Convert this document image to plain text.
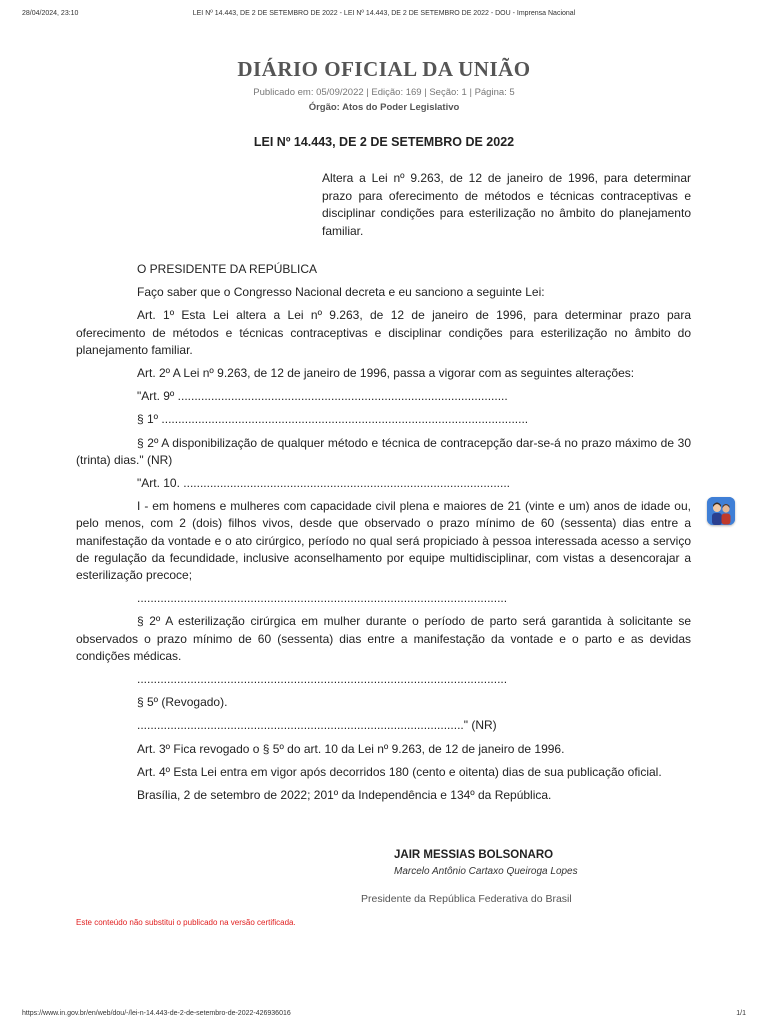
28/04/2024, 23:10	LEI Nº 14.443, DE 2 DE SETEMBRO DE 2022 - LEI Nº 14.443, DE 2 DE SETEMBRO DE 2022 - DOU - Imprensa Nacional
DIÁRIO OFICIAL DA UNIÃO
Publicado em: 05/09/2022 | Edição: 169 | Seção: 1 | Página: 5
Órgão: Atos do Poder Legislativo
LEI Nº 14.443, DE 2 DE SETEMBRO DE 2022
Altera a Lei nº 9.263, de 12 de janeiro de 1996, para determinar prazo para oferecimento de métodos e técnicas contraceptivas e disciplinar condições para esterilização no âmbito do planejamento familiar.

O PRESIDENTE DA REPÚBLICA

Faço saber que o Congresso Nacional decreta e eu sanciono a seguinte Lei:

Art. 1º Esta Lei altera a Lei nº 9.263, de 12 de janeiro de 1996, para determinar prazo para oferecimento de métodos e técnicas contraceptivas e disciplinar condições para esterilização no âmbito do planejamento familiar.

Art. 2º A Lei nº 9.263, de 12 de janeiro de 1996, passa a vigorar com as seguintes alterações:

"Art. 9º ...................................................................................................

§ 1º ..............................................................................................................

§ 2º A disponibilização de qualquer método e técnica de contracepção dar-se-á no prazo máximo de 30 (trinta) dias." (NR)

"Art. 10. ..................................................................................................

I - em homens e mulheres com capacidade civil plena e maiores de 21 (vinte e um) anos de idade ou, pelo menos, com 2 (dois) filhos vivos, desde que observado o prazo mínimo de 60 (sessenta) dias entre a manifestação da vontade e o ato cirúrgico, período no qual será propiciado à pessoa interessada acesso a serviço de regulação da fecundidade, inclusive aconselhamento por equipe multidisciplinar, com vistas a desencorajar a esterilização precoce;

...............................................................................................................

§ 2º A esterilização cirúrgica em mulher durante o período de parto será garantida à solicitante se observados o prazo mínimo de 60 (sessenta) dias entre a manifestação da vontade e o parto e as devidas condições médicas.

...............................................................................................................

§ 5º (Revogado).

.................................................................................................." (NR)

Art. 3º Fica revogado o § 5º do art. 10 da Lei nº 9.263, de 12 de janeiro de 1996.

Art. 4º Esta Lei entra em vigor após decorridos 180 (cento e oitenta) dias de sua publicação oficial.

Brasília, 2 de setembro de 2022; 201º da Independência e 134º da República.

JAIR MESSIAS BOLSONARO
Marcelo Antônio Cartaxo Queiroga Lopes
Presidente da República Federativa do Brasil
Este conteúdo não substitui o publicado na versão certificada.
https://www.in.gov.br/en/web/dou/-/lei-n-14.443-de-2-de-setembro-de-2022-426936016	1/1
